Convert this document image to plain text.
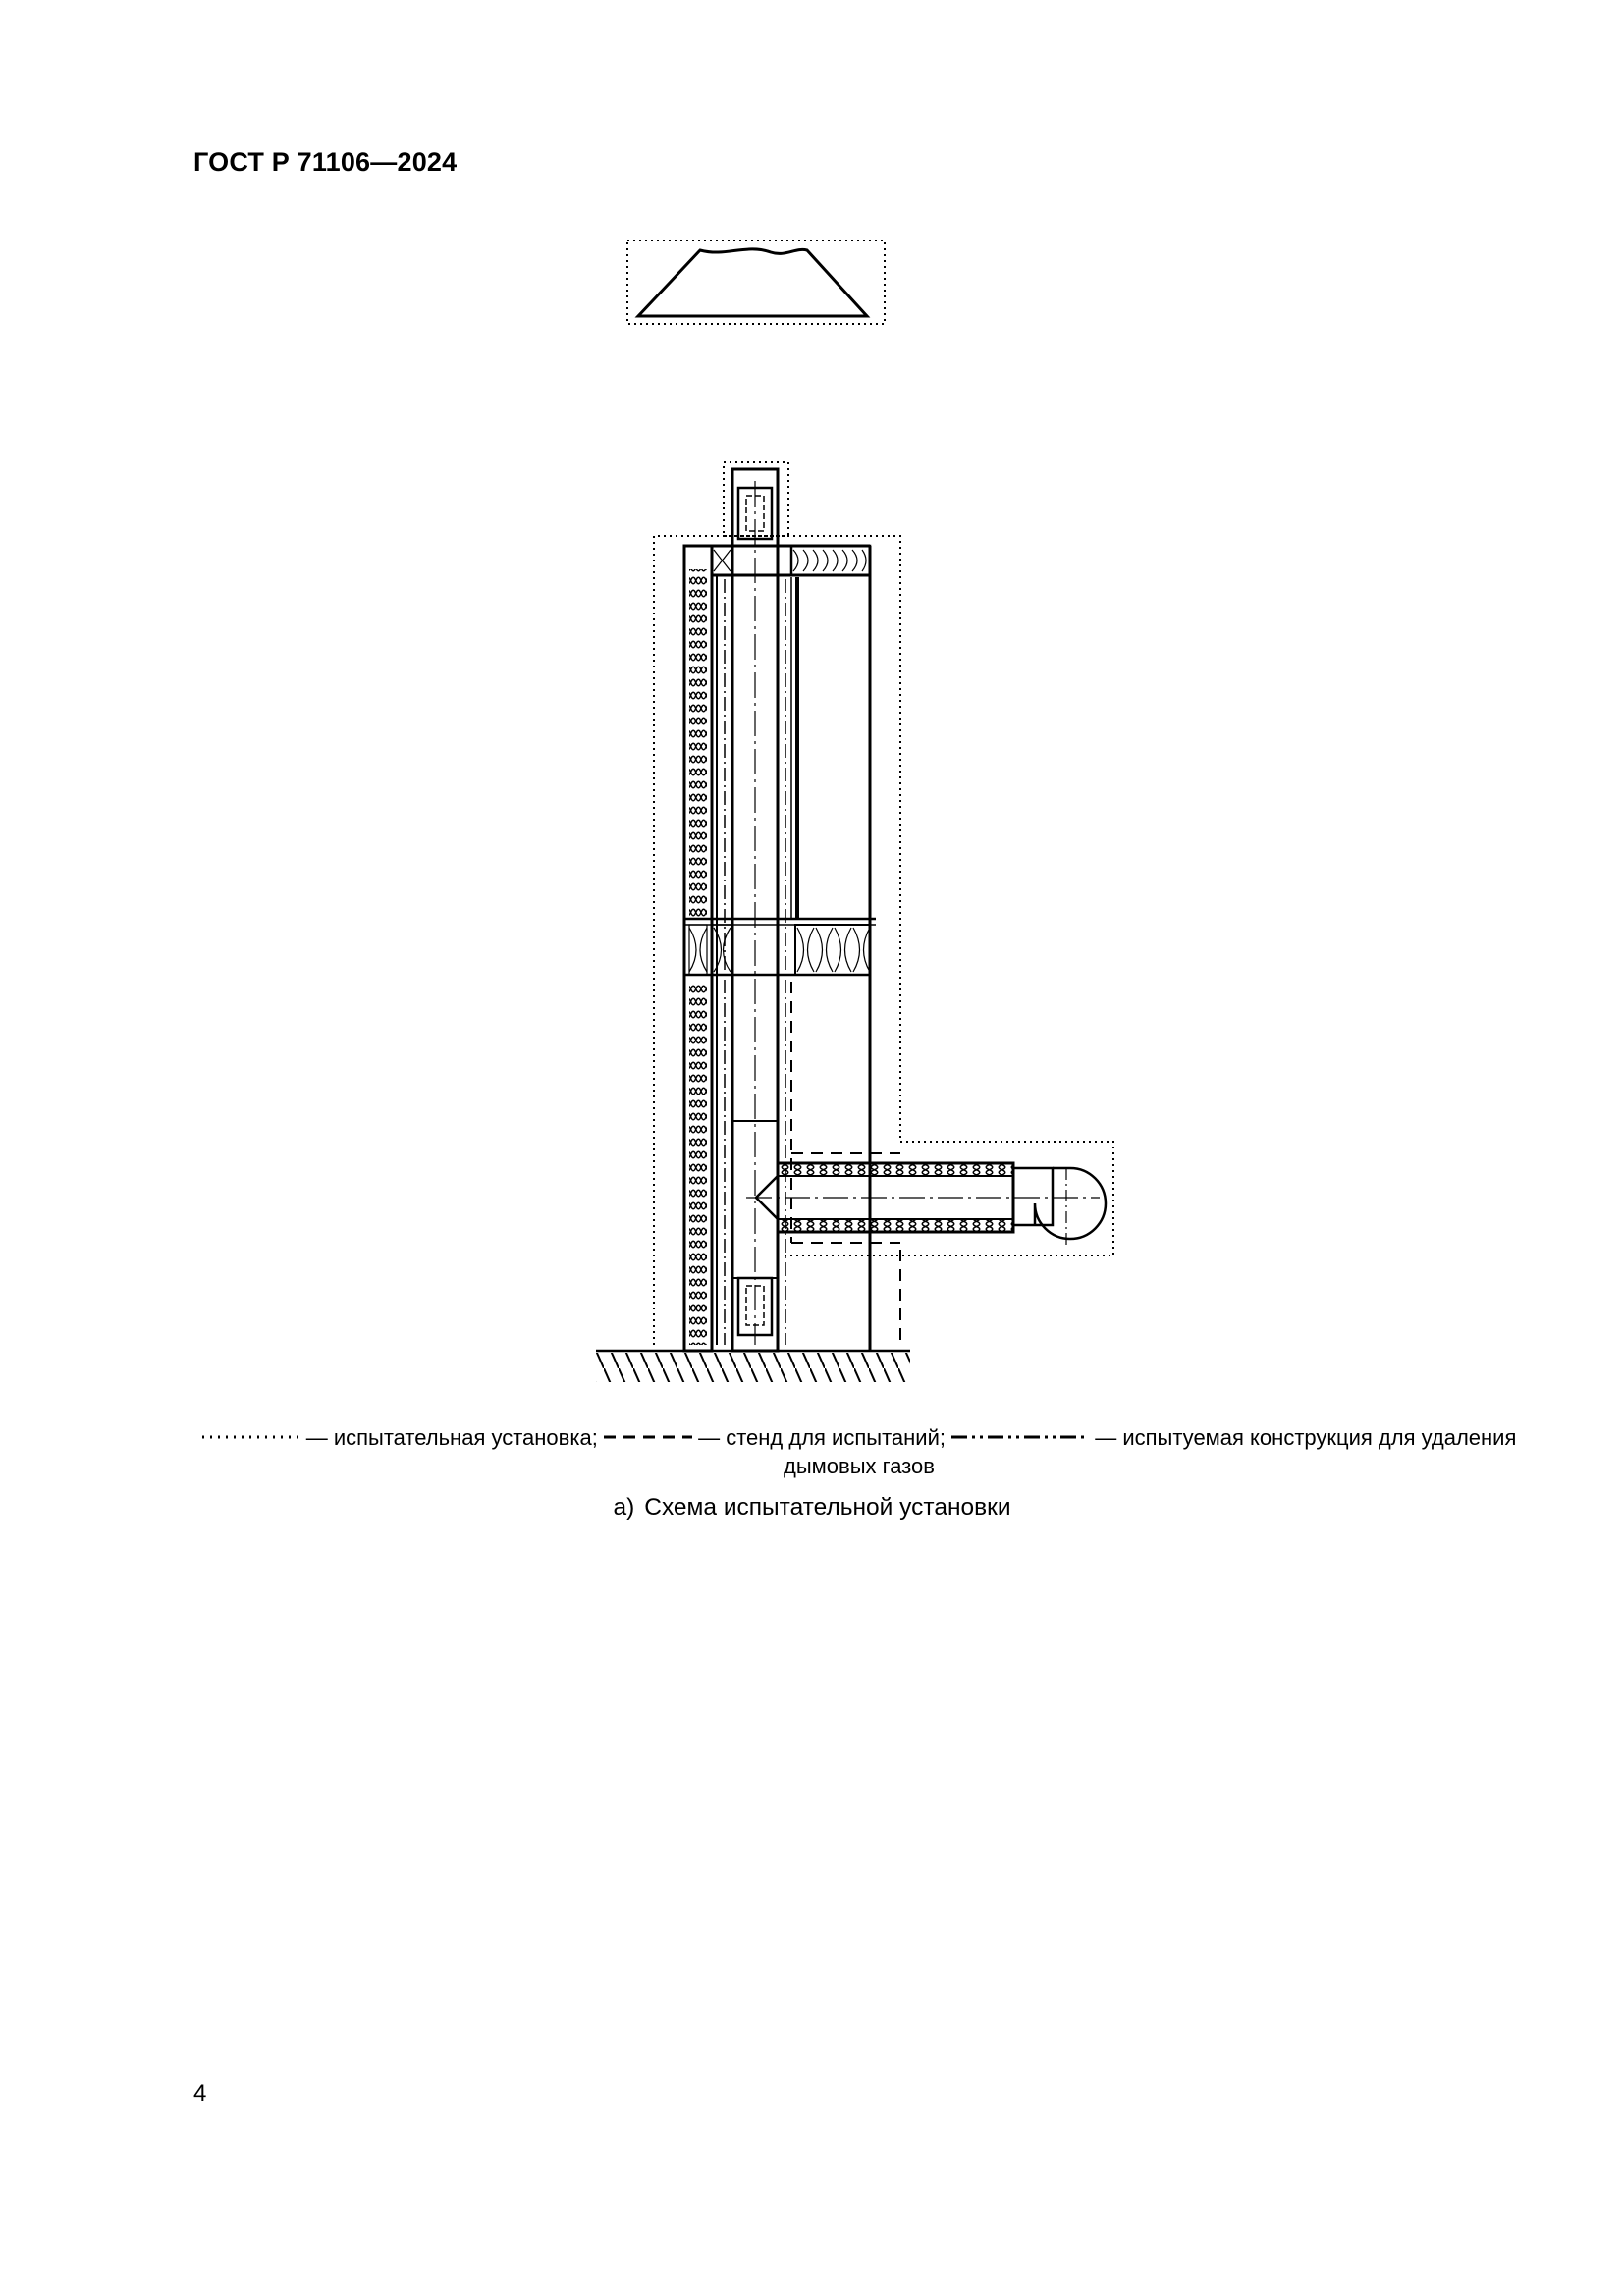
ГОСТ Р 71106—2024
— испытательная установка;	— стенд для испытаний;	— испытуемая конструкция для удаления
дымовых газов
а) Схема испытательной установки
4
